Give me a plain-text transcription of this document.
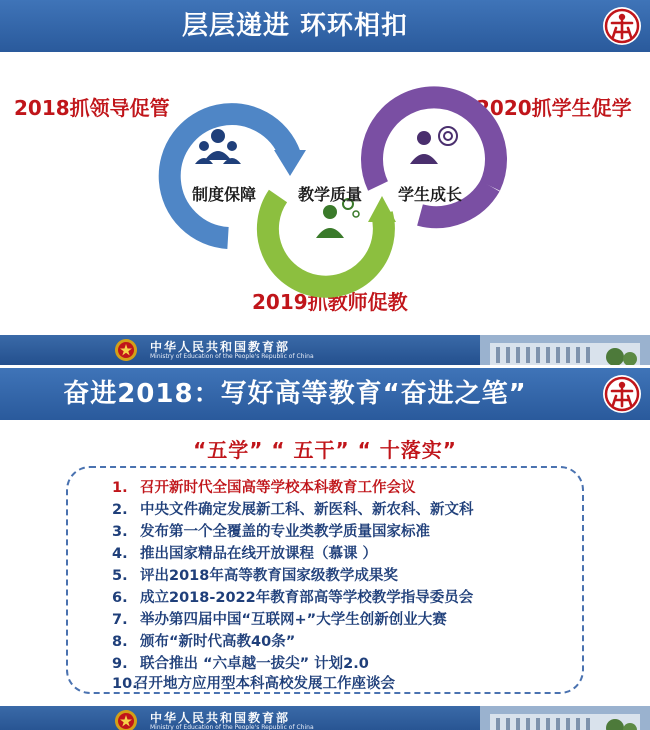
层层递进 环环相扣
2018抓领导促管	2020抓学生促学
2019抓教师促教
制度保障	教学质量 学生成长
中华人民共和国教育部
Ministry of Education of the People's Republic of China
奋进2018：写好高等教育“奋进之笔”
“五学” “ 五干” “ 十落实”
1. 召开新时代全国高等学校本科教育工作会议
2. 中央文件确定发展新工科、新医科、新农科、新文科
3. 发布第一个全覆盖的专业类教学质量国家标准
4. 推出国家精品在线开放课程（慕课 ）
5. 评出2018年高等教育国家级教学成果奖
6. 成立2018-2022年教育部高等学校教学指导委员会
7. 举办第四届中国“互联网+”大学生创新创业大赛
8. 颁布“新时代高教40条”
9. 联合推出 “六卓越一拔尖” 计划2.0
10.召开地方应用型本科高校发展工作座谈会
中华人民共和国教育部
Ministry of Education of the People's Republic of China
